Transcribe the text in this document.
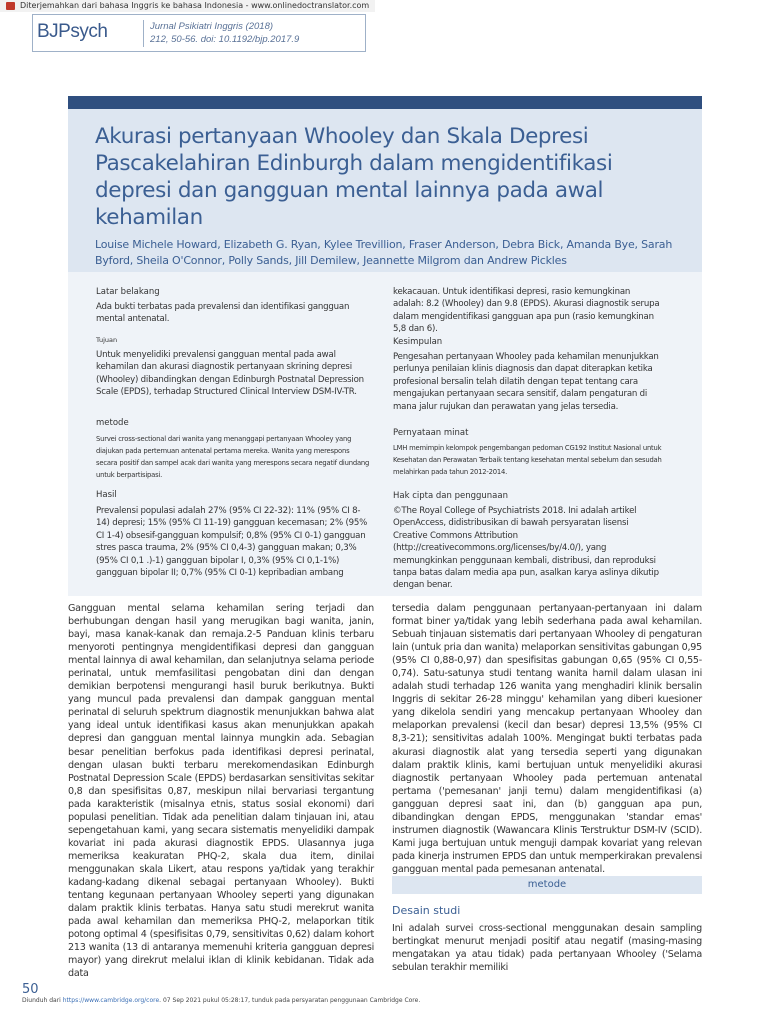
Diterjemahkan dari bahasa Inggris ke bahasa Indonesia - www.onlinedoctranslator.com
BJPsych	Jurnal Psikiatri Inggris (2018)
212, 50-56. doi: 10.1192/bjp.2017.9
Akurasi pertanyaan Whooley dan Skala Depresi Pascakelahiran Edinburgh dalam mengidentifikasi depresi dan gangguan mental lainnya pada awal kehamilan
Louise Michele Howard, Elizabeth G. Ryan, Kylee Trevillion, Fraser Anderson, Debra Bick, Amanda Bye, Sarah Byford, Sheila O'Connor, Polly Sands, Jill Demilew, Jeannette Milgrom dan Andrew Pickles
Latar belakang
Ada bukti terbatas pada prevalensi dan identifikasi gangguan mental antenatal.
Tujuan
Untuk menyelidiki prevalensi gangguan mental pada awal kehamilan dan akurasi diagnostik pertanyaan skrining depresi (Whooley) dibandingkan dengan Edinburgh Postnatal Depression Scale (EPDS), terhadap Structured Clinical Interview DSM-IV-TR.
metode
Survei cross-sectional dari wanita yang menanggapi pertanyaan Whooley yang diajukan pada pertemuan antenatal pertama mereka. Wanita yang merespons secara positif dan sampel acak dari wanita yang merespons secara negatif diundang untuk berpartisipasi.
Hasil
Prevalensi populasi adalah 27% (95% CI 22-32): 11% (95% CI 8-14) depresi; 15% (95% CI 11-19) gangguan kecemasan; 2% (95% CI 1-4) obsesif-gangguan kompulsif; 0,8% (95% CI 0-1) gangguan stres pasca trauma, 2% (95% CI 0,4-3) gangguan makan; 0,3% (95% CI 0,1 .)-1) gangguan bipolar I, 0,3% (95% CI 0,1-1%) gangguan bipolar II; 0,7% (95% CI 0-1) kepribadian ambang
kekacauan. Untuk identifikasi depresi, rasio kemungkinan adalah: 8.2 (Whooley) dan 9.8 (EPDS). Akurasi diagnostik serupa dalam mengidentifikasi gangguan apa pun (rasio kemungkinan 5,8 dan 6).
Kesimpulan
Pengesahan pertanyaan Whooley pada kehamilan menunjukkan perlunya penilaian klinis diagnosis dan dapat diterapkan ketika profesional bersalin telah dilatih dengan tepat tentang cara mengajukan pertanyaan secara sensitif, dalam pengaturan di mana jalur rujukan dan perawatan yang jelas tersedia.
Pernyataan minat
LMH memimpin kelompok pengembangan pedoman CG192 Institut Nasional untuk Kesehatan dan Perawatan Terbaik tentang kesehatan mental sebelum dan sesudah melahirkan pada tahun 2012-2014.
Hak cipta dan penggunaan
©The Royal College of Psychiatrists 2018. Ini adalah artikel OpenAccess, didistribusikan di bawah persyaratan lisensi Creative Commons Attribution (http://creativecommons.org/licenses/by/4.0/), yang memungkinkan penggunaan kembali, distribusi, dan reproduksi tanpa batas dalam media apa pun, asalkan karya aslinya dikutip dengan benar.
Gangguan mental selama kehamilan sering terjadi dan berhubungan dengan hasil yang merugikan bagi wanita, janin, bayi, masa kanak-kanak dan remaja.2-5 Panduan klinis terbaru menyoroti pentingnya mengidentifikasi depresi dan gangguan mental lainnya di awal kehamilan, dan selanjutnya selama periode perinatal, untuk memfasilitasi pengobatan dini dan dengan demikian berpotensi mengurangi hasil buruk berikutnya. Bukti yang muncul pada prevalensi dan dampak gangguan mental perinatal di seluruh spektrum diagnostik menunjukkan bahwa alat yang ideal untuk identifikasi kasus akan menunjukkan apakah depresi dan gangguan mental lainnya mungkin ada. Sebagian besar penelitian berfokus pada identifikasi depresi perinatal, dengan ulasan bukti terbaru merekomendasikan Edinburgh Postnatal Depression Scale (EPDS) berdasarkan sensitivitas sekitar 0,8 dan spesifisitas 0,87, meskipun nilai bervariasi tergantung pada karakteristik (misalnya etnis, status sosial ekonomi) dari populasi penelitian. Tidak ada penelitian dalam tinjauan ini, atau sepengetahuan kami, yang secara sistematis menyelidiki dampak kovariat ini pada akurasi diagnostik EPDS. Ulasannya juga memeriksa keakuratan PHQ-2, skala dua item, dinilai menggunakan skala Likert, atau respons ya/tidak yang terakhir kadang-kadang dikenal sebagai pertanyaan Whooley). Bukti tentang kegunaan pertanyaan Whooley seperti yang digunakan dalam praktik klinis terbatas. Hanya satu studi merekrut wanita pada awal kehamilan dan memeriksa PHQ-2, melaporkan titik potong optimal 4 (spesifisitas 0,79, sensitivitas 0,62) dalam kohort 213 wanita (13 di antaranya memenuhi kriteria gangguan depresi mayor) yang direkrut melalui iklan di klinik kebidanan. Tidak ada data
tersedia dalam penggunaan pertanyaan-pertanyaan ini dalam format biner ya/tidak yang lebih sederhana pada awal kehamilan. Sebuah tinjauan sistematis dari pertanyaan Whooley di pengaturan lain (untuk pria dan wanita) melaporkan sensitivitas gabungan 0,95 (95% CI 0,88-0,97) dan spesifisitas gabungan 0,65 (95% CI 0,55-0,74). Satu-satunya studi tentang wanita hamil dalam ulasan ini adalah studi terhadap 126 wanita yang menghadiri klinik bersalin Inggris di sekitar 26-28 minggu' kehamilan yang diberi kuesioner yang dikelola sendiri yang mencakup pertanyaan Whooley dan melaporkan prevalensi (kecil dan besar) depresi 13,5% (95% CI 8,3-21); sensitivitas adalah 100%. Mengingat bukti terbatas pada akurasi diagnostik alat yang tersedia seperti yang digunakan dalam praktik klinis, kami bertujuan untuk menyelidiki akurasi diagnostik pertanyaan Whooley pada pertemuan antenatal pertama ('pemesanan' janji temu) dalam mengidentifikasi (a) gangguan depresi saat ini, dan (b) gangguan apa pun, dibandingkan dengan EPDS, menggunakan 'standar emas' instrumen diagnostik (Wawancara Klinis Terstruktur DSM-IV (SCID). Kami juga bertujuan untuk menguji dampak kovariat yang relevan pada kinerja instrumen EPDS dan untuk memperkirakan prevalensi gangguan mental pada pemesanan antenatal.
metode
Desain studi
Ini adalah survei cross-sectional menggunakan desain sampling bertingkat menurut menjadi positif atau negatif (masing-masing mengatakan ya atau tidak) pada pertanyaan Whooley ('Selama sebulan terakhir memiliki
50
Diunduh dari https://www.cambridge.org/core. 07 Sep 2021 pukul 05:28:17, tunduk pada persyaratan penggunaan Cambridge Core.
